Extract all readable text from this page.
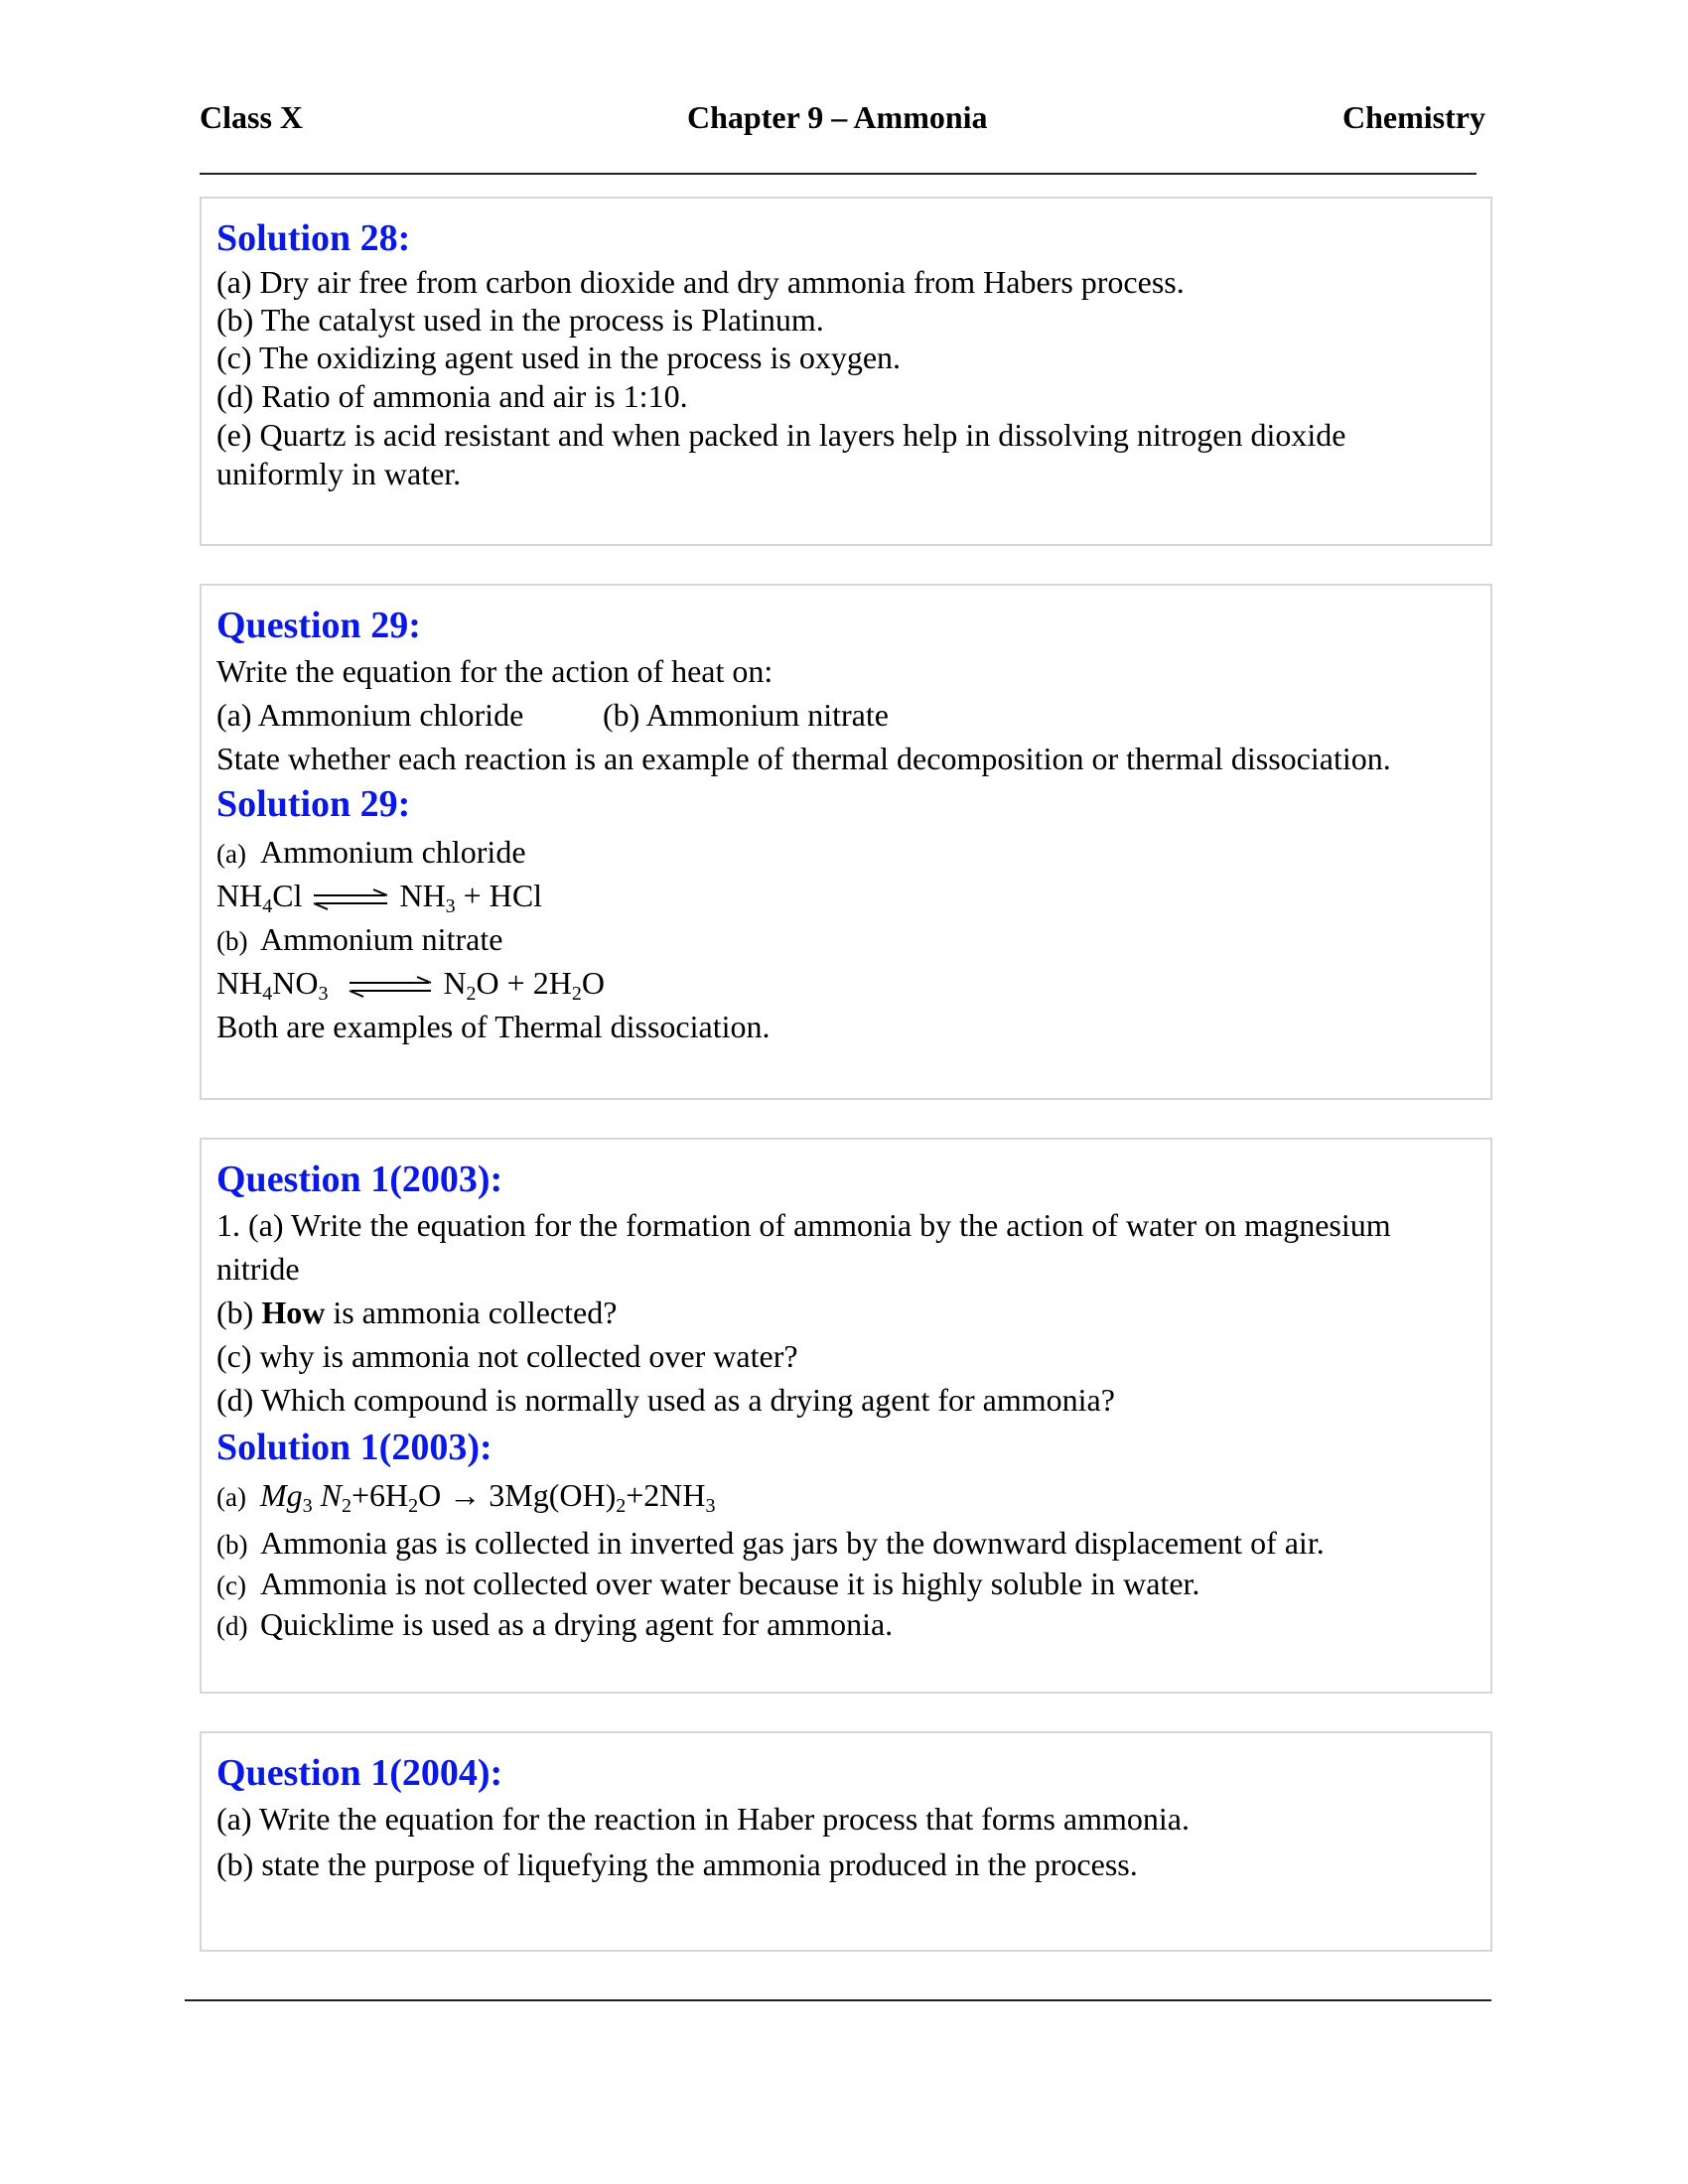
Class X	Chapter 9 – Ammonia	Chemistry
Solution 28:
(a) Dry air free from carbon dioxide and dry ammonia from Habers process.
(b) The catalyst used in the process is Platinum.
(c) The oxidizing agent used in the process is oxygen.
(d) Ratio of ammonia and air is 1:10.
(e) Quartz is acid resistant and when packed in layers help in dissolving nitrogen dioxide
uniformly in water.
Question 29:
Write the equation for the action of heat on:
(a) Ammonium chloride (b) Ammonium nitrate
State whether each reaction is an example of thermal decomposition or thermal dissociation.
Solution 29:
(a) Ammonium chloride
$NH_4Cl$ ⇌ $NH_3$ + HCl
(b) Ammonium nitrate
$NH_4NO_3$ ⇌ $N_2O + 2H_2O$
Both are examples of Thermal dissociation.
Question 1(2003):
1. (a) Write the equation for the formation of ammonia by the action of water on magnesium
nitride
(b) How is ammonia collected?
(c) why is ammonia not collected over water?
(d) Which compound is normally used as a drying agent for ammonia?
Solution 1(2003):
(a) $Mg_3$ $N_2+6H_2O \to 3Mg(OH)_2+2NH_3$
(b) Ammonia gas is collected in inverted gas jars by the downward displacement of air.
(c) Ammonia is not collected over water because it is highly soluble in water.
(d) Quicklime is used as a drying agent for ammonia.
Question 1(2004):
(a) Write the equation for the reaction in Haber process that forms ammonia.
(b) state the purpose of liquefying the ammonia produced in the process.
